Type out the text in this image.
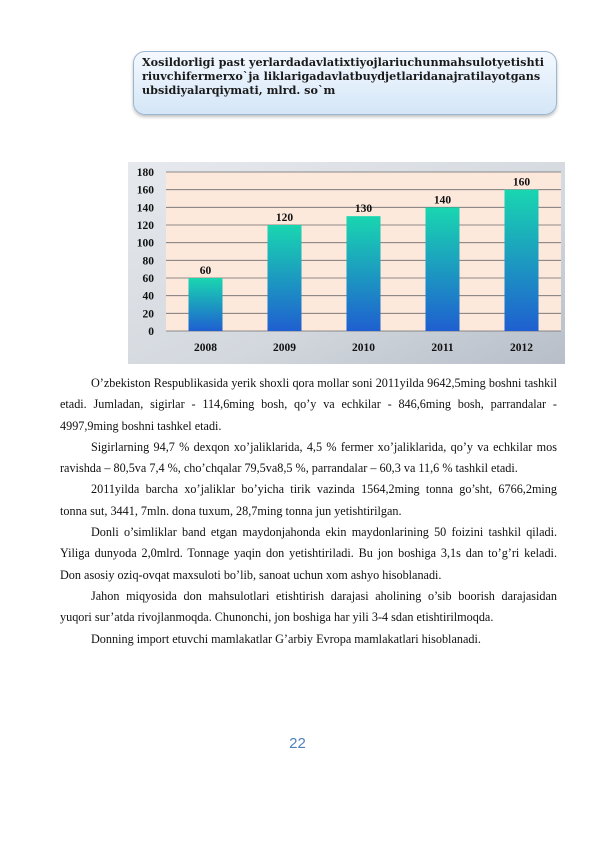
Xosildorligi past yerlardadavlatixtiyojlariuchunmahsulotyetishtiriuvchifermerxo`ja liklarigadavlatbuydjetlaridanajratilayotgansubsidiyalarqiymati, mlrd. so`m
0
20
40
60
80
100
120
140
160
180
60
2008
120
2009
130
2010
140
2011
160
2012

O’zbekiston Respublikasida yerik shoxli qora mollar soni 2011yilda 9642,5ming boshni tashkil etadi. Jumladan, sigirlar - 114,6ming bosh, qo’y va echkilar - 846,6ming bosh, parrandalar - 4997,9ming boshni tashkel etadi.

Sigirlarning 94,7 % dexqon xo’jaliklarida, 4,5 % fermer xo’jaliklarida, qo’y va echkilar mos ravishda – 80,5va 7,4 %, cho’chqalar 79,5va8,5 %, parrandalar – 60,3 va 11,6 % tashkil etadi.

2011yilda barcha xo’jaliklar bo’yicha tirik vazinda 1564,2ming tonna go’sht, 6766,2ming tonna sut, 3441, 7mln. dona tuxum, 28,7ming tonna jun yetishtirilgan.

Donli o’simliklar band etgan maydonjahonda ekin maydonlarining 50 foizini tashkil qiladi. Yiliga dunyoda 2,0mlrd. Tonnage yaqin don yetishtiriladi. Bu jon boshiga 3,1s dan to’g’ri keladi. Don asosiy oziq-ovqat maxsuloti bo’lib, sanoat uchun xom ashyo hisoblanadi.

Jahon miqyosida don mahsulotlari etishtirish darajasi aholining o’sib boorish darajasidan yuqori sur’atda rivojlanmoqda. Chunonchi, jon boshiga har yili 3-4 sdan etishtirilmoqda.

Donning import etuvchi mamlakatlar G’arbiy Evropa mamlakatlari hisoblanadi.

22
